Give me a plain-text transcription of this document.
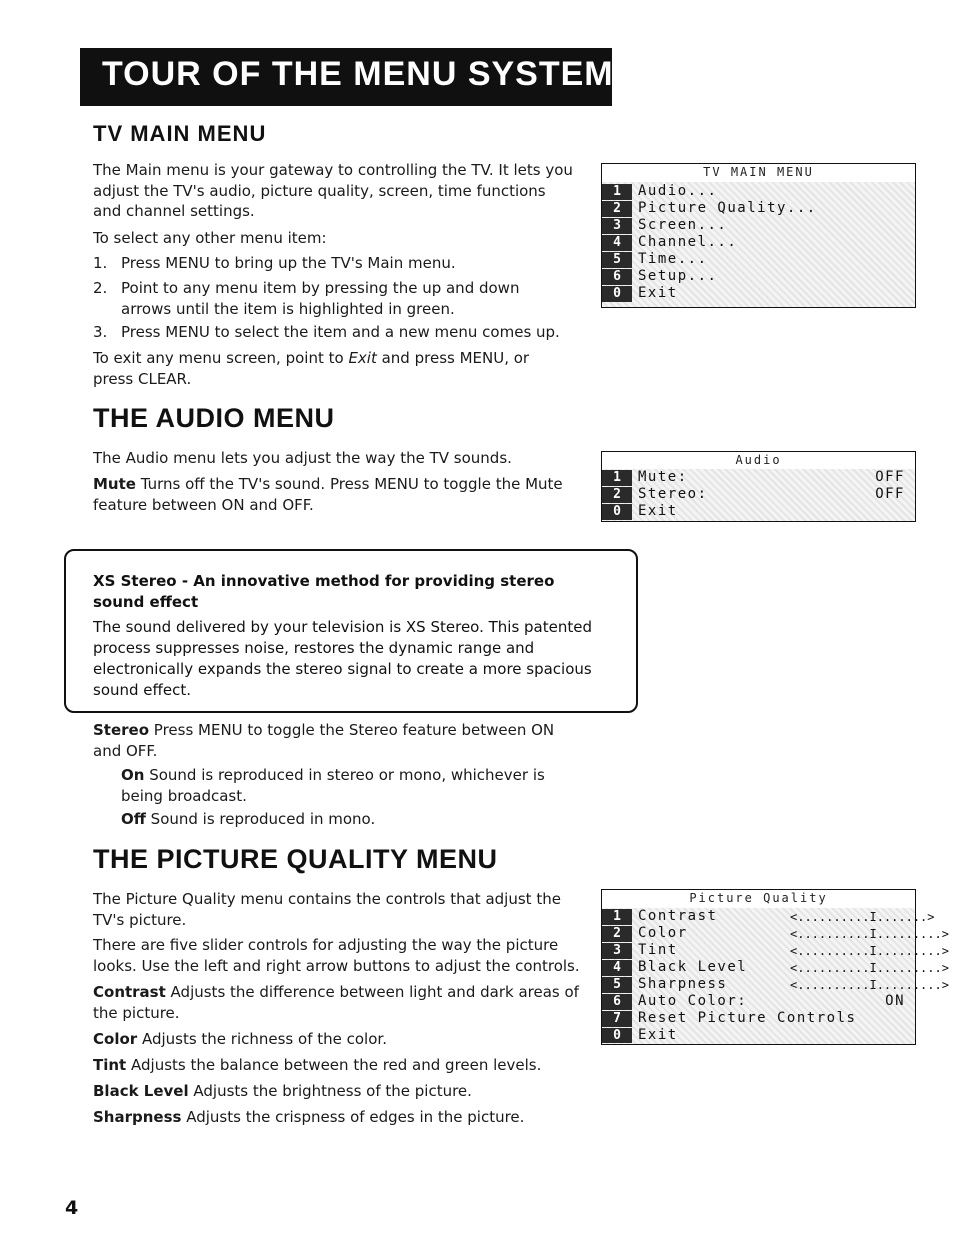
TOUR OF THE MENU SYSTEM
TV MAIN MENU

The Main menu is your gateway to controlling the TV. It lets you adjust the TV's audio, picture quality, screen, time functions and channel settings.

To select any other menu item:

1. Press MENU to bring up the TV's Main menu.
2. Point to any menu item by pressing the up and down arrows until the item is highlighted in green.
3. Press MENU to select the item and a new menu comes up.

To exit any menu screen, point to Exit and press MENU, or press CLEAR.

TV MAIN MENU
1	Audio...
2	Picture Quality...
3	Screen...
4	Channel...
5	Time...
6	Setup...
0	Exit
THE AUDIO MENU

The Audio menu lets you adjust the way the TV sounds.

Mute Turns off the TV's sound. Press MENU to toggle the Mute feature between ON and OFF.

Audio
1	Mute:	OFF
2	Stereo:	OFF
0	Exit
XS Stereo - An innovative method for providing stereo sound effect
The sound delivered by your television is XS Stereo. This patented process suppresses noise, restores the dynamic range and electronically expands the stereo signal to create a more spacious sound effect.

Stereo Press MENU to toggle the Stereo feature between ON and OFF.

On Sound is reproduced in stereo or mono, whichever is being broadcast.

Off Sound is reproduced in mono.

THE PICTURE QUALITY MENU

The Picture Quality menu contains the controls that adjust the TV's picture.

There are five slider controls for adjusting the way the picture looks. Use the left and right arrow buttons to adjust the controls.

Contrast Adjusts the difference between light and dark areas of the picture.

Color Adjusts the richness of the color.

Tint Adjusts the balance between the red and green levels.

Black Level Adjusts the brightness of the picture.

Sharpness Adjusts the crispness of edges in the picture.

Picture Quality
1	Contrast	<..........I.......>
2	Color	<..........I.........>
3	Tint	<..........I.........>
4	Black Level	<..........I.........>
5	Sharpness	<..........I.........>
6	Auto Color:	ON
7	Reset Picture Controls
0	Exit
4
